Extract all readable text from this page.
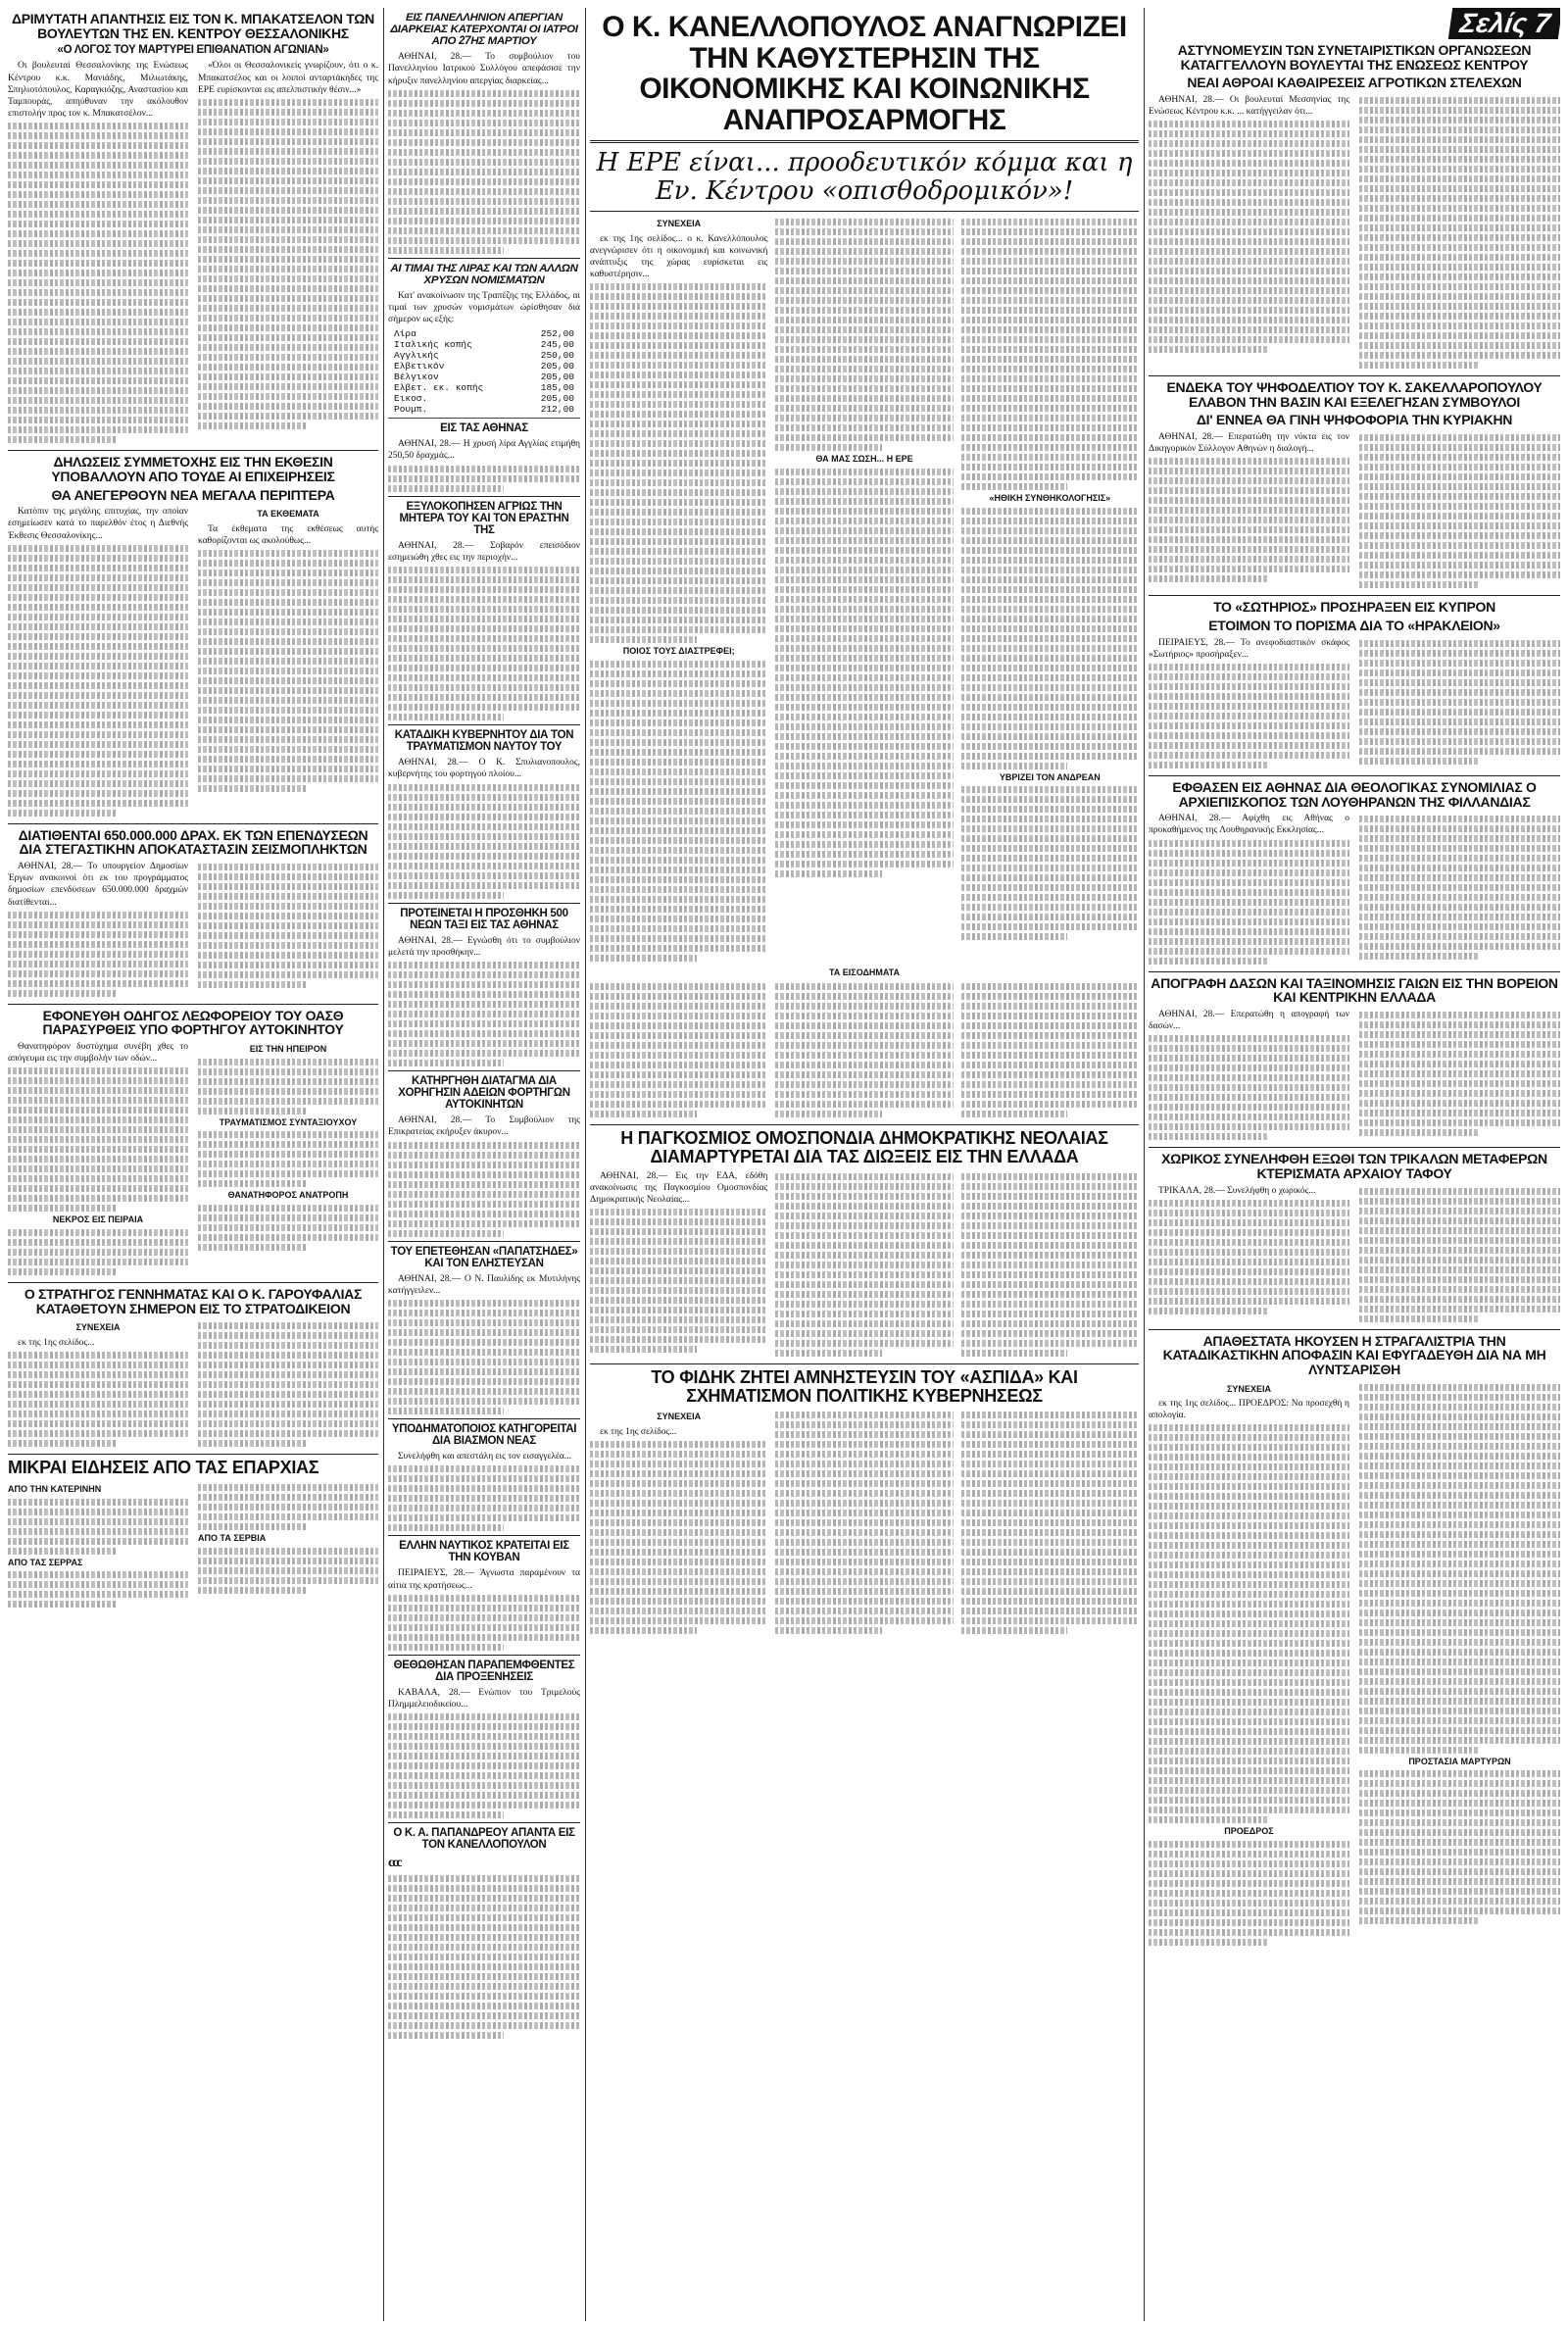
ΔΡΙΜΥΤΑΤΗ ΑΠΑΝΤΗΣΙΣ ΕΙΣ ΤΟΝ Κ. ΜΠΑΚΑΤΣΕΛΟΝ ΤΩΝ ΒΟΥΛΕΥΤΩΝ ΤΗΣ ΕΝ. ΚΕΝΤΡΟΥ ΘΕΣΣΑΛΟΝΙΚΗΣ
«Ο ΛΟΓΟΣ ΤΟΥ ΜΑΡΤΥΡΕΙ ΕΠΙΘΑΝΑΤΙΟΝ ΑΓΩΝΙΑΝ»

Οι βουλευταί Θεσσαλονίκης της Ενώσεως Κέντρου κ.κ. Μανιάδης, Μιλιωτάκης, Σπηλιοτόπουλος, Καραγκιόζης, Αναστασίου και Ταμπουράς, απηύθυναν την ακόλουθον επιστολήν προς τον κ. Μπακατσέλον...

«Όλοι οι Θεσσαλονικείς γνωρίζουν, ότι ο κ. Μπακατσέλος και οι λοιποί ανταρτάκηδες της ΕΡΕ ευρίσκονται εις απελπιστικήν θέσιν...»

ΔΗΛΩΣΕΙΣ ΣΥΜΜΕΤΟΧΗΣ ΕΙΣ ΤΗΝ ΕΚΘΕΣΙΝ ΥΠΟΒΑΛΛΟΥΝ ΑΠΟ ΤΟΥΔΕ ΑΙ ΕΠΙΧΕΙΡΗΣΕΙΣ
ΘΑ ΑΝΕΓΕΡΘΟΥΝ ΝΕΑ ΜΕΓΑΛΑ ΠΕΡΙΠΤΕΡΑ

Κατόπιν της μεγάλης επιτυχίας, την οποίαν εσημείωσεν κατά το παρελθόν έτος η Διεθνής Έκθεσις Θεσσαλονίκης...

ΤΑ ΕΚΘΕΜΑΤΑ

Τα έκθεματα της εκθέσεως αυτής καθορίζονται ως ακολούθως...

ΔΙΑΤΙΘΕΝΤΑΙ 650.000.000 ΔΡΑΧ. ΕΚ ΤΩΝ ΕΠΕΝΔΥΣΕΩΝ ΔΙΑ ΣΤΕΓΑΣΤΙΚΗΝ ΑΠΟΚΑΤΑΣΤΑΣΙΝ ΣΕΙΣΜΟΠΛΗΚΤΩΝ

ΑΘΗΝΑΙ, 28.— Το υπουργείον Δημοσίων Έργων ανακοινοί ότι εκ του προγράμματος δημοσίων επενδύσεων 650.000.000 δραχμών διατίθενται...

ΕΦΟΝΕΥΘΗ ΟΔΗΓΟΣ ΛΕΩΦΟΡΕΙΟΥ ΤΟΥ ΟΑΣΘ ΠΑΡΑΣΥΡΘΕΙΣ ΥΠΟ ΦΟΡΤΗΓΟΥ ΑΥΤΟΚΙΝΗΤΟΥ

Θανατηφόρον δυστύχημα συνέβη χθες το απόγευμα εις την συμβολήν των οδών...

ΝΕΚΡΟΣ ΕΙΣ ΠΕΙΡΑΙΑ
ΕΙΣ ΤΗΝ ΗΠΕΙΡΟΝ
ΤΡΑΥΜΑΤΙΣΜΟΣ ΣΥΝΤΑΞΙΟΥΧΟΥ
ΘΑΝΑΤΗΦΟΡΟΣ ΑΝΑΤΡΟΠΗ
Ο ΣΤΡΑΤΗΓΟΣ ΓΕΝΝΗΜΑΤΑΣ ΚΑΙ Ο Κ. ΓΑΡΟΥΦΑΛΙΑΣ ΚΑΤΑΘΕΤΟΥΝ ΣΗΜΕΡΟΝ ΕΙΣ ΤΟ ΣΤΡΑΤΟΔΙΚΕΙΟΝ
ΣΥΝΕΧΕΙΑ

εκ της 1ης σελίδος...

ΜΙΚΡΑΙ ΕΙΔΗΣΕΙΣ ΑΠΟ ΤΑΣ ΕΠΑΡΧΙΑΣ
ΑΠΟ ΤΗΝ ΚΑΤΕΡΙΝΗΝ
ΑΠΟ ΤΑΣ ΣΕΡΡΑΣ
ΑΠΟ ΤΑ ΣΕΡΒΙΑ
ΕΙΣ ΠΑΝΕΛΛΗΝΙΟΝ ΑΠΕΡΓΙΑΝ ΔΙΑΡΚΕΙΑΣ ΚΑΤΕΡΧΟΝΤΑΙ ΟΙ ΙΑΤΡΟΙ ΑΠΟ 27ΗΣ ΜΑΡΤΙΟΥ

ΑΘΗΝΑΙ, 28.— Το συμβούλιον του Πανελληνίου Ιατρικού Συλλόγου απεφάσισε την κήρυξιν πανελληνίου απεργίας διαρκείας...

ΑΙ ΤΙΜΑΙ ΤΗΣ ΛΙΡΑΣ ΚΑΙ ΤΩΝ ΑΛΛΩΝ ΧΡΥΣΩΝ ΝΟΜΙΣΜΑΤΩΝ

Κατ' ανακοίνωσιν της Τραπέζης της Ελλάδος, αι τιμαί των χρυσών νομισμάτων ώρίσθησαν διά σήμερον ως εξής:

Λίρα	252,00
Ιταλικής κοπής	245,00
Αγγλικής	250,00
Ελβετικόν	205,00
Βέλγικον	205,00
Ελβετ. εκ. κοπής	185,00
Εικοσ.	205,00
Ρουμπ.	212,00
ΕΙΣ ΤΑΣ ΑΘΗΝΑΣ

ΑΘΗΝΑΙ, 28.— Η χρυσή λίρα Αγγλίας ετιμήθη 250,50 δραχμάς...

ΕΞΥΛΟΚΟΠΗΣΕΝ ΑΓΡΙΩΣ ΤΗΝ ΜΗΤΕΡΑ ΤΟΥ ΚΑΙ ΤΟΝ ΕΡΑΣΤΗΝ ΤΗΣ

ΑΘΗΝΑΙ, 28.— Σοβαρόν επεισόδιον εσημειώθη χθες εις την περιοχήν...

ΚΑΤΑΔΙΚΗ ΚΥΒΕΡΝΗΤΟΥ ΔΙΑ ΤΟΝ ΤΡΑΥΜΑΤΙΣΜΟΝ ΝΑΥΤΟΥ ΤΟΥ

ΑΘΗΝΑΙ, 28.— Ο Κ. Σπυλιανοπουλος, κυβερνήτης του φορτηγού πλοίου...

ΠΡΟΤΕΙΝΕΤΑΙ Η ΠΡΟΣΘΗΚΗ 500 ΝΕΩΝ ΤΑΞΙ ΕΙΣ ΤΑΣ ΑΘΗΝΑΣ

ΑΘΗΝΑΙ, 28.— Εγνώσθη ότι το συμβούλιον μελετά την προσθήκην...

ΚΑΤΗΡΓΗΘΗ ΔΙΑΤΑΓΜΑ ΔΙΑ ΧΟΡΗΓΗΣΙΝ ΑΔΕΙΩΝ ΦΟΡΤΗΓΩΝ ΑΥΤΟΚΙΝΗΤΩΝ

ΑΘΗΝΑΙ, 28.— Το Συμβούλιον της Επικρατείας εκήρυξεν άκυρον...

ΤΟΥ ΕΠΕΤΕΘΗΣΑΝ «ΠΑΠΑΤΣΗΔΕΣ» ΚΑΙ ΤΟΝ ΕΛΗΣΤΕΥΣΑΝ

ΑΘΗΝΑΙ, 28.— Ο Ν. Παυλίδης εκ Μυτιλήνης κατήγγειλεν...

ΥΠΟΔΗΜΑΤΟΠΟΙΟΣ ΚΑΤΗΓΟΡΕΙΤΑΙ ΔΙΑ ΒΙΑΣΜΟΝ ΝΕΑΣ

Συνελήφθη και απεστάλη εις τον εισαγγελέα...

ΕΛΛΗΝ ΝΑΥΤΙΚΟΣ ΚΡΑΤΕΙΤΑΙ ΕΙΣ ΤΗΝ ΚΟΥΒΑΝ

ΠΕΙΡΑΙΕΥΣ, 28.— Άγνωστα παραμένουν τα αίτια της κρατήσεως...

ΘΕΘΩΘΗΣΑΝ ΠΑΡΑΠΕΜΦΘΕΝΤΕΣ ΔΙΑ ΠΡΟΞΕΝΗΣΕΙΣ

ΚΑΒΑΛΑ, 28.— Ενώπιον του Τριμελούς Πλημμελειοδικείου...

Ο Κ. Α. ΠΑΠΑΝΔΡΕΟΥ ΑΠΑΝΤΑ ΕΙΣ ΤΟΝ ΚΑΝΕΛΛΟΠΟΥΛΟΝ
ccc
Ο Κ. ΚΑΝΕΛΛΟΠΟΥΛΟΣ ΑΝΑΓΝΩΡΙΖΕΙ ΤΗΝ ΚΑΘΥΣΤΕΡΗΣΙΝ ΤΗΣ ΟΙΚΟΝΟΜΙΚΗΣ ΚΑΙ ΚΟΙΝΩΝΙΚΗΣ ΑΝΑΠΡΟΣΑΡΜΟΓΗΣ
Η ΕΡΕ είναι... προοδευτικόν κόμμα και η Εν. Κέντρου «οπισθοδρομικόν»!
ΣΥΝΕΧΕΙΑ

εκ της 1ης σελίδος... ο κ. Κανελλόπουλος ανεγνώρισεν ότι η οικονομική και κοινωνική ανάπτυξις της χώρας ευρίσκεται εις καθυστέρησιν...

ΠΟΙΟΣ ΤΟΥΣ ΔΙΑΣΤΡΕΦΕΙ;
ΘΑ ΜΑΣ ΣΩΣΗ... Η ΕΡΕ
«ΗΘΙΚΗ ΣΥΝΘΗΚΟΛΟΓΗΣΙΣ»
ΥΒΡΙΖΕΙ ΤΟΝ ΑΝΔΡΕΑΝ
ΤΑ ΕΙΣΟΔΗΜΑΤΑ
Η ΠΑΓΚΟΣΜΙΟΣ ΟΜΟΣΠΟΝΔΙΑ ΔΗΜΟΚΡΑΤΙΚΗΣ ΝΕΟΛΑΙΑΣ ΔΙΑΜΑΡΤΥΡΕΤΑΙ ΔΙΑ ΤΑΣ ΔΙΩΞΕΙΣ ΕΙΣ ΤΗΝ ΕΛΛΑΔΑ

ΑΘΗΝΑΙ, 28.— Εις την ΕΔΑ, εδόθη ανακοίνωσις της Παγκοσμίου Ομοσπονδίας Δημοκρατικής Νεολαίας...

ΤΟ ΦΙΔΗΚ ΖΗΤΕΙ ΑΜΝΗΣΤΕΥΣΙΝ ΤΟΥ «ΑΣΠΙΔΑ» ΚΑΙ ΣΧΗΜΑΤΙΣΜΟΝ ΠΟΛΙΤΙΚΗΣ ΚΥΒΕΡΝΗΣΕΩΣ
ΣΥΝΕΧΕΙΑ

εκ της 1ης σελίδος...

Σελίς 7
ΑΣΤΥΝΟΜΕΥΣΙΝ ΤΩΝ ΣΥΝΕΤΑΙΡΙΣΤΙΚΩΝ ΟΡΓΑΝΩΣΕΩΝ ΚΑΤΑΓΓΕΛΛΟΥΝ ΒΟΥΛΕΥΤΑΙ ΤΗΣ ΕΝΩΣΕΩΣ ΚΕΝΤΡΟΥ
ΝΕΑΙ ΑΘΡΟΑΙ ΚΑΘΑΙΡΕΣΕΙΣ ΑΓΡΟΤΙΚΩΝ ΣΤΕΛΕΧΩΝ

ΑΘΗΝΑΙ, 28.— Οι βουλευταί Μεσσηνίας της Ενώσεως Κέντρου κ.κ. ... κατήγγειλαν ότι...

ΕΝΔΕΚΑ ΤΟΥ ΨΗΦΟΔΕΛΤΙΟΥ ΤΟΥ Κ. ΣΑΚΕΛΛΑΡΟΠΟΥΛΟΥ ΕΛΑΒΟΝ ΤΗΝ ΒΑΣΙΝ ΚΑΙ ΕΞΕΛΕΓΗΣΑΝ ΣΥΜΒΟΥΛΟΙ
ΔΙ' ΕΝΝΕΑ ΘΑ ΓΙΝΗ ΨΗΦΟΦΟΡΙΑ ΤΗΝ ΚΥΡΙΑΚΗΝ

ΑΘΗΝΑΙ, 28.— Επερατώθη την νύκτα εις τον Δικηγορικόν Σύλλογον Αθηνών η διαλογή...

ΤΟ «ΣΩΤΗΡΙΟΣ» ΠΡΟΣΗΡΑΞΕΝ ΕΙΣ ΚΥΠΡΟΝ
ΕΤΟΙΜΟΝ ΤΟ ΠΟΡΙΣΜΑ ΔΙΑ ΤΟ «ΗΡΑΚΛΕΙΟΝ»

ΠΕΙΡΑΙΕΥΣ, 28.— Το ανεφοδιαστικόν σκάφος «Σωτήριος» προσήραξεν...

ΕΦΘΑΣΕΝ ΕΙΣ ΑΘΗΝΑΣ ΔΙΑ ΘΕΟΛΟΓΙΚΑΣ ΣΥΝΟΜΙΛΙΑΣ Ο ΑΡΧΙΕΠΙΣΚΟΠΟΣ ΤΩΝ ΛΟΥΘΗΡΑΝΩΝ ΤΗΣ ΦΙΛΛΑΝΔΙΑΣ

ΑΘΗΝΑΙ, 28.— Αφίχθη εις Αθήνας ο προκαθήμενος της Λουθηρανικής Εκκλησίας...

ΑΠΟΓΡΑΦΗ ΔΑΣΩΝ ΚΑΙ ΤΑΞΙΝΟΜΗΣΙΣ ΓΑΙΩΝ ΕΙΣ ΤΗΝ ΒΟΡΕΙΟΝ ΚΑΙ ΚΕΝΤΡΙΚΗΝ ΕΛΛΑΔΑ

ΑΘΗΝΑΙ, 28.— Επερατώθη η απογραφή των δασών...

ΧΩΡΙΚΟΣ ΣΥΝΕΛΗΦΘΗ ΕΞΩΘΙ ΤΩΝ ΤΡΙΚΑΛΩΝ ΜΕΤΑΦΕΡΩΝ ΚΤΕΡΙΣΜΑΤΑ ΑΡΧΑΙΟΥ ΤΑΦΟΥ

ΤΡΙΚΑΛΑ, 28.— Συνελήφθη ο χωρικός...

ΑΠΑΘΕΣΤΑΤΑ ΗΚΟΥΣΕΝ Η ΣΤΡΑΓΑΛΙΣΤΡΙΑ ΤΗΝ ΚΑΤΑΔΙΚΑΣΤΙΚΗΝ ΑΠΟΦΑΣΙΝ ΚΑΙ ΕΦΥΓΑΔΕΥΘΗ ΔΙΑ ΝΑ ΜΗ ΛΥΝΤΣΑΡΙΣΘΗ
ΣΥΝΕΧΕΙΑ

εκ της 1ης σελίδος... ΠΡΟΕΔΡΟΣ: Να προσεχθή η απολογία.

ΠΡΟΕΔΡΟΣ
ΠΡΟΣΤΑΣΙΑ ΜΑΡΤΥΡΩΝ
